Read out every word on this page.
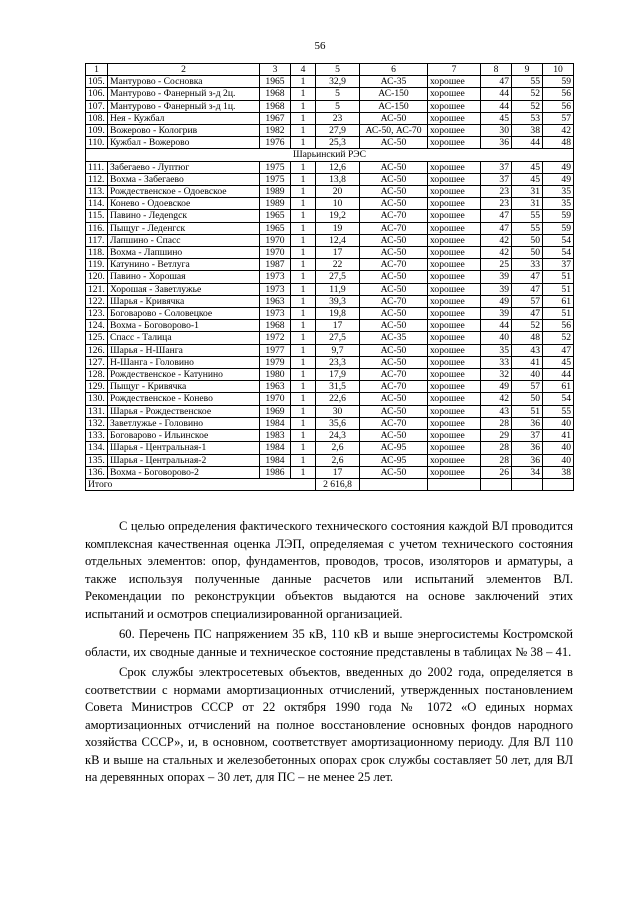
56
1	2	3	4	5	6	7	8	9	10
105.	Мантурово - Сосновка	1965	1	32,9	АС-35	хорошее	47	55	59
106.	Мантурово - Фанерный з-д 2ц.	1968	1	5	АС-150	хорошее	44	52	56
107.	Мантурово - Фанерный з-д 1ц.	1968	1	5	АС-150	хорошее	44	52	56
108.	Нея - Кужбал	1967	1	23	АС-50	хорошее	45	53	57
109.	Вожерово - Кологрив	1982	1	27,9	АС-50, АС-70	хорошее	30	38	42
110.	Кужбал - Вожерово	1976	1	25,3	АС-50	хорошее	36	44	48
Шарьинский РЭС									
111.	Забегаево - Луптюг	1975	1	12,6	АС-50	хорошее	37	45	49
112.	Вохма - Забегаево	1975	1	13,8	АС-50	хорошее	37	45	49
113.	Рождественское - Одоевское	1989	1	20	АС-50	хорошее	23	31	35
114.	Конево - Одоевское	1989	1	10	АС-50	хорошее	23	31	35
115.	Павино - Ледengск	1965	1	19,2	АС-70	хорошее	47	55	59
116.	Пыщуг - Леденгск	1965	1	19	АС-70	хорошее	47	55	59
117.	Лапшино - Спасс	1970	1	12,4	АС-50	хорошее	42	50	54
118.	Вохма - Лапшино	1970	1	17	АС-50	хорошее	42	50	54
119.	Катунино - Ветлуга	1987	1	22	АС-70	хорошее	25	33	37
120.	Павино - Хорошая	1973	1	27,5	АС-50	хорошее	39	47	51
121.	Хорошая - Заветлужье	1973	1	11,9	АС-50	хорошее	39	47	51
122.	Шарья - Кривячка	1963	1	39,3	АС-70	хорошее	49	57	61
123.	Боговарово - Соловецкое	1973	1	19,8	АС-50	хорошее	39	47	51
124.	Вохма - Боговорово-1	1968	1	17	АС-50	хорошее	44	52	56
125.	Спасс - Талица	1972	1	27,5	АС-35	хорошее	40	48	52
126.	Шарья - Н-Шанга	1977	1	9,7	АС-50	хорошее	35	43	47
127.	Н-Шанга - Головино	1979	1	23,3	АС-50	хорошее	33	41	45
128.	Рождественское - Катунино	1980	1	17,9	АС-70	хорошее	32	40	44
129.	Пыщуг - Кривячка	1963	1	31,5	АС-70	хорошее	49	57	61
130.	Рождественское - Конево	1970	1	22,6	АС-50	хорошее	42	50	54
131.	Шарья - Рождественское	1969	1	30	АС-50	хорошее	43	51	55
132.	Заветлужье - Головино	1984	1	35,6	АС-70	хорошее	28	36	40
133.	Боговарово - Ильинское	1983	1	24,3	АС-50	хорошее	29	37	41
134.	Шарья - Центральная-1	1984	1	2,6	АС-95	хорошее	28	36	40
135.	Шарья - Центральная-2	1984	1	2,6	АС-95	хорошее	28	36	40
136.	Вохма - Боговорово-2	1986	1	17	АС-50	хорошее	26	34	38
Итого				2 616,8					

С целью определения фактического технического состояния каждой ВЛ проводится комплексная качественная оценка ЛЭП, определяемая с учетом технического состояния отдельных элементов: опор, фундаментов, проводов, тросов, изоляторов и арматуры, а также используя полученные данные расчетов или испытаний элементов ВЛ. Рекомендации по реконструкции объектов выдаются на основе заключений этих испытаний и осмотров специализированной организацией.

60. Перечень ПС напряжением 35 кВ, 110 кВ и выше энергосистемы Костромской области, их сводные данные и техническое состояние представлены в таблицах № 38 – 41.

Срок службы электросетевых объектов, введенных до 2002 года, определяется в соответствии с нормами амортизационных отчислений, утвержденных постановлением Совета Министров СССР от 22 октября 1990 года № 1072 «О единых нормах амортизационных отчислений на полное восстановление основных фондов народного хозяйства СССР», и, в основном, соответствует амортизационному периоду. Для ВЛ 110 кВ и выше на стальных и железобетонных опорах срок службы составляет 50 лет, для ВЛ на деревянных опорах – 30 лет, для ПС – не менее 25 лет.
